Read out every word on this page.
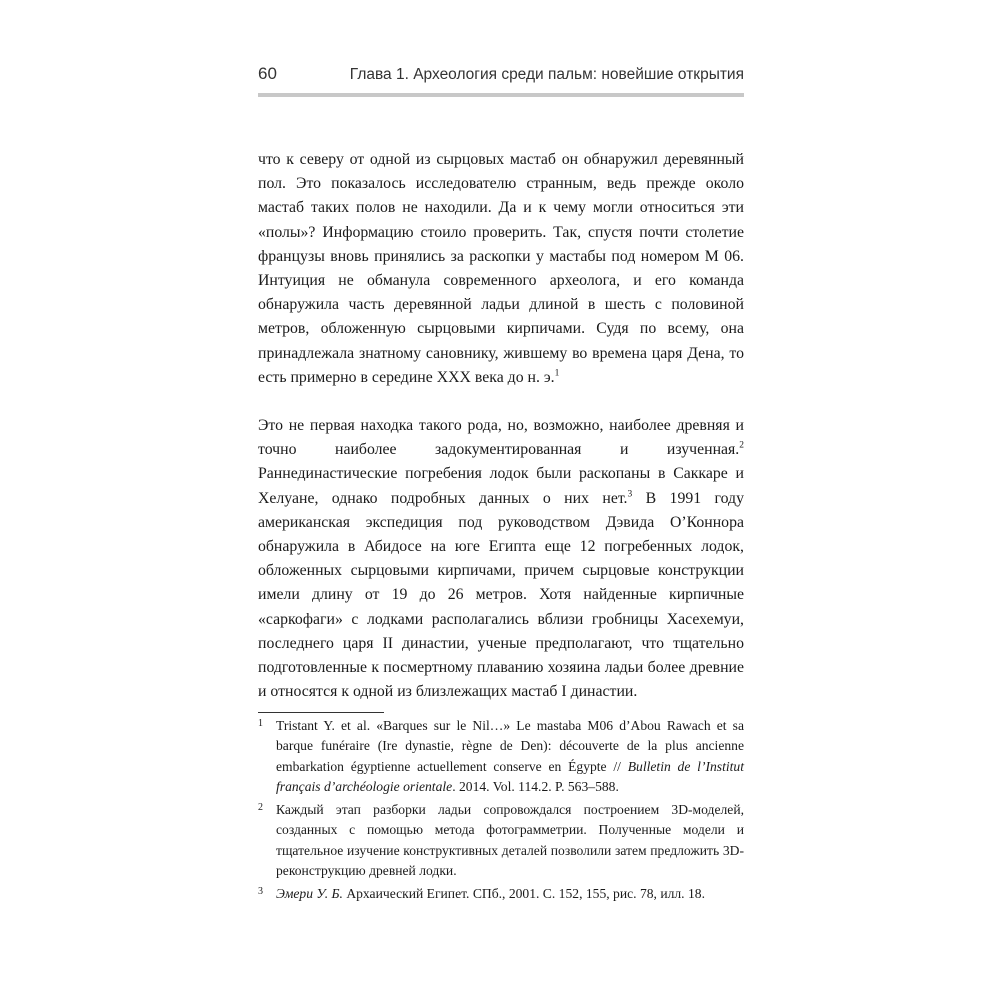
60	Глава 1. Археология среди пальм: новейшие открытия

что к северу от одной из сырцовых мастаб он обнаружил деревянный пол. Это показалось исследователю странным, ведь прежде около мастаб таких полов не находили. Да и к чему могли относиться эти «полы»? Информацию стоило проверить. Так, спустя почти столетие французы вновь принялись за раскопки у мастабы под номером М 06. Интуиция не обманула современного археолога, и его команда обнаружила часть деревянной ладьи длиной в шесть с половиной метров, обложенную сырцовыми кирпичами. Судя по всему, она принадлежала знатному сановнику, жившему во времена царя Дена, то есть примерно в середине XXX века до н. э.$^1$

Это не первая находка такого рода, но, возможно, наиболее древняя и точно наиболее задокументированная и изученная.$^2$ Раннединастические погребения лодок были раскопаны в Саккаре и Хелуане, однако подробных данных о них нет.$^3$ В 1991 году американская экспедиция под руководством Дэвида О’Коннора обнаружила в Абидосе на юге Египта еще 12 погребенных лодок, обложенных сырцовыми кирпичами, причем сырцовые конструкции имели длину от 19 до 26 метров. Хотя найденные кирпичные «саркофаги» с лодками располагались вблизи гробницы Хасехемуи, последнего царя II династии, ученые предполагают, что тщательно подготовленные к посмертному плаванию хозяина ладьи более древние и относятся к одной из близлежащих мастаб I династии.

1 Tristant Y. et al. «Barques sur le Nil…» Le mastaba M06 d’Abou Rawach et sa barque funéraire (Ire dynastie, règne de Den): découverte de la plus ancienne embarkation égyptienne actuellement conserve en Égypte // Bulletin de l’Institut français d’archéologie orientale. 2014. Vol. 114.2. P. 563–588.
2 Каждый этап разборки ладьи сопровождался построением 3D-моделей, созданных с помощью метода фотограмметрии. Полученные модели и тщательное изучение конструктивных деталей позволили затем предложить 3D-реконструкцию древней лодки.
3 Эмери У. Б. Архаический Египет. СПб., 2001. С. 152, 155, рис. 78, илл. 18.
